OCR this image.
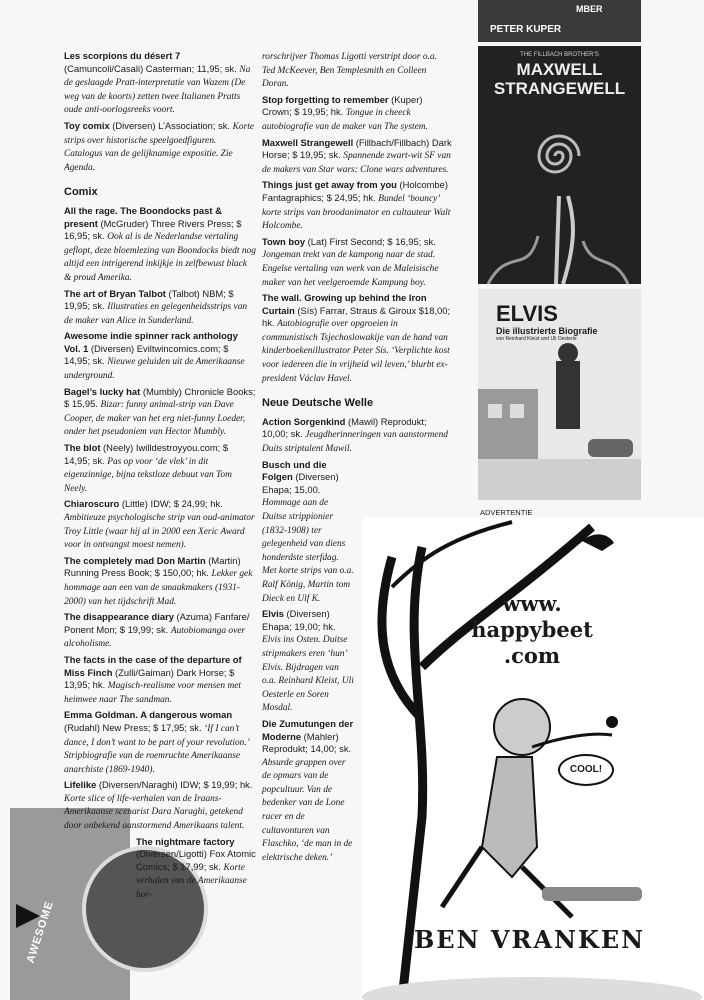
MBER
PETER KUPER
THE FILLBACH BROTHER’S
MAXWELL STRANGEWELL
ELVIS
Die illustrierte Biografie
von Reinhard Kleist und Uli Oesterle
ADVERTENTIE
www. happybeet .com
COOL!
BEN VRANKEN
AWESOME
Les scorpions du désert 7 (Camuncoli/Casali) Casterman; 11,95; sk. Na de geslaagde Pratt-interpretatie van Wazem (De weg van de koorts) zetten twee Italianen Pratts oude anti-oorlogsreeks voort.
Toy comix (Diversen) L’Association; sk. Korte strips over historische speelgoedfiguren. Catalogus van de gelijknamige expositie. Zie Agenda.
Comix
All the rage. The Boondocks past & present (McGruder) Three Rivers Press; $ 16,95; sk. Ook al is de Nederlandse vertaling geflopt, deze bloemlezing van Boondocks biedt nog altijd een intrigerend inkijkje in zelfbewust black & proud Amerika.
The art of Bryan Talbot (Talbot) NBM; $ 19,95; sk. Illustraties en gelegenheidsstrips van de maker van Alice in Sunderland.
Awesome indie spinner rack anthology Vol. 1 (Diversen) Eviltwincomics.com; $ 14,95; sk. Nieuwe geluiden uit de Amerikaanse underground.
Bagel’s lucky hat (Mumbly) Chronicle Books; $ 15,95. Bizar: funny animal-strip van Dave Cooper, de maker van het erg niet-funny Loeder, onder het pseudoniem van Hector Mumbly.
The blot (Neely) Iwilldestroyyou.com; $ 14,95; sk. Pas op voor ‘de vlek’ in dit eigenzinnige, bijna tekstloze debuut van Tom Neely.
Chiaroscuro (Little) IDW; $ 24,99; hk. Ambitieuze psychologische strip van oud-animator Troy Little (waar hij al in 2000 een Xeric Award voor in ontvangst moest nemen).
The completely mad Don Martin (Martin) Running Press Book; $ 150,00; hk. Lekker gek hommage aan een van de smaakmakers (1931-2000) van het tijdschrift Mad.
The disappearance diary (Azuma) Fanfare/ Ponent Mon; $ 19,99; sk. Autobiomanga over alcoholisme.
The facts in the case of the departure of Miss Finch (Zulli/Gaiman) Dark Horse; $ 13,95; hk. Magisch-realisme voor mensen met heimwee naar The sandman.
Emma Goldman. A dangerous woman (Rudahl) New Press; $ 17,95; sk. ‘If I can’t dance, I don’t want to be part of your revolution.’ Stripbiografie van de roemruchte Amerikaanse anarchiste (1869-1940).
Lifelike (Diversen/Naraghi) IDW; $ 19,99; hk. Korte slice of life-verhalen van de Iraans-Amerikaanse scenarist Dara Naraghi, getekend door onbekend aanstormend Amerikaans talent.
The nightmare factory (Diversen/Ligotti) Fox Atomic Comics; $ 17,99; sk. Korte verhalen van de Amerikaanse hor-
rorschrijver Thomas Ligotti verstript door o.a. Ted McKeever, Ben Templesmith en Colleen Doran.
Stop forgetting to remember (Kuper) Crown; $ 19,95; hk. Tongue in cheeck autobiografie van de maker van The system.
Maxwell Strangewell (Fillbach/Fillbach) Dark Horse; $ 19,95; sk. Spannende zwart-wit SF van de makers van Star wars: Clone wars adventures.
Things just get away from you (Holcombe) Fantagraphics; $ 24,95; hk. Bundel ‘bouncy’ korte strips van broodanimator en cultauteur Walt Holcombe.
Town boy (Lat) First Second; $ 16,95; sk. Jongeman trekt van de kampong naar de stad. Engelse vertaling van werk van de Maleisische maker van het veelgeroemde Kampung boy.
The wall. Growing up behind the Iron Curtain (Sís) Farrar, Straus & Giroux $18,00; hk. Autobiografie over opgroeien in communistisch Tsjechoslowakije van de hand van kinderboekenillustrator Peter Sís. ‘Verplichte kost voor iedereen die in vrijheid wil leven,’ blurbt ex-president Václav Havel.
Neue Deutsche Welle
Action Sorgenkind (Mawil) Reprodukt; 10,00; sk. Jeugdherinneringen van aanstormend Duits striptalent Mawil.
Busch und die Folgen (Diversen) Ehapa; 15,00. Hommage aan de Duitse strippionier (1832-1908) ter gelegenheid van diens honderdste sterfdag. Met korte strips van o.a. Ralf König, Martin tom Dieck en Ulf K.
Elvis (Diversen) Ehapa; 19,00; hk. Elvis ins Osten. Duitse stripmakers eren ‘hun’ Elvis. Bijdragen van o.a. Reinhard Kleist, Uli Oesterle en Soren Mosdal.
Die Zumutungen der Moderne (Mahler) Reprodukt; 14,00; sk. Absurde grappen over de opmars van de popcultuur. Van de bedenker van de Lone racer en de cultavonturen van Flaschko, ‘de man in de elektrische deken.’
